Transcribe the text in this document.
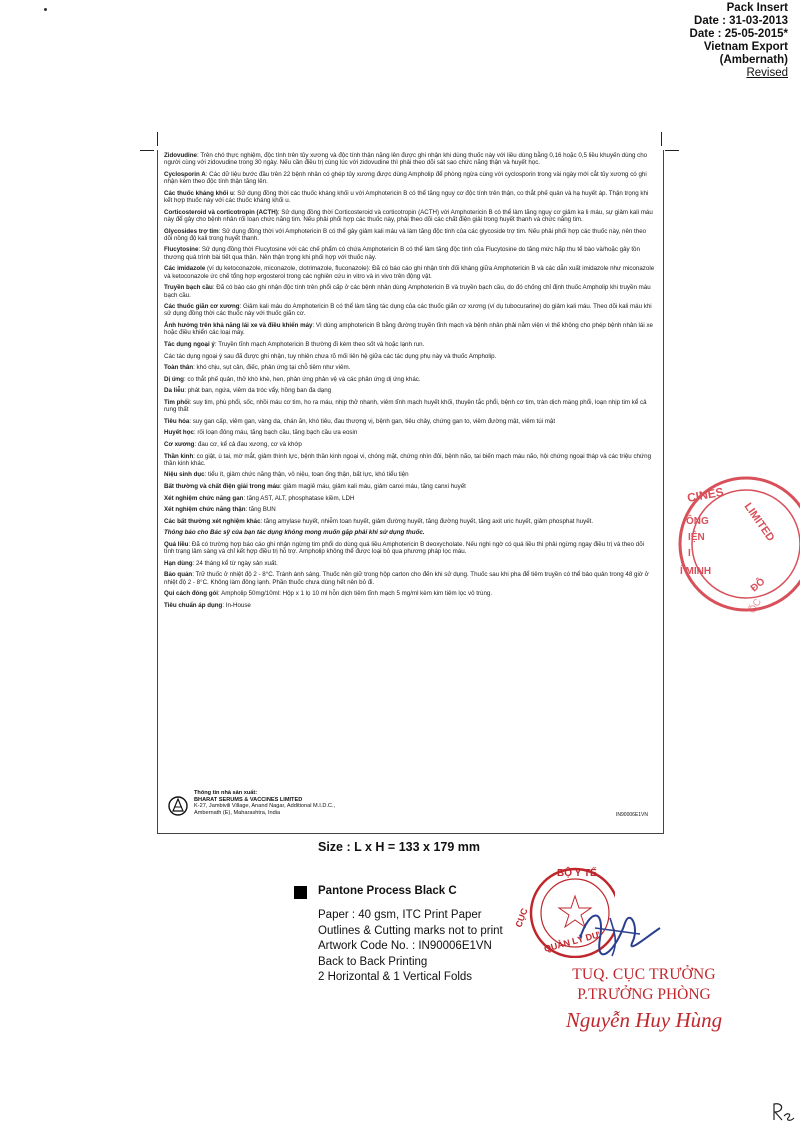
Pack Insert
Date : 31-03-2013
Date : 25-05-2015*
Vietnam Export
(Ambernath)
Revised

Zidovudine: Trên chó thực nghiệm, độc tính trên tủy xương và độc tính thận nặng lên được ghi nhận khi dùng thuốc này với liều dùng bằng 0,16 hoặc 0,5 liều khuyến dùng cho người cùng với zidovudine trong 30 ngày. Nếu cần điều trị cùng lúc với zidovudine thì phải theo dõi sát sao chức năng thận và huyết học.

Cyclosporin A: Các dữ liệu bước đầu trên 22 bệnh nhân có ghép tủy xương được dùng Ampholip để phòng ngừa cùng với cyclosporin trong vài ngày mới cắt tủy xương có ghi nhận kèm theo độc tính thận tăng lên.

Các thuốc kháng khối u: Sử dụng đồng thời các thuốc kháng khối u với Amphotericin B có thể tăng nguy cơ độc tính trên thận, co thắt phế quản và hạ huyết áp. Thận trọng khi kết hợp thuốc này với các thuốc kháng khối u.

Corticosteroid và corticotropin (ACTH): Sử dụng đồng thời Corticosteroid và corticotropin (ACTH) với Amphotericin B có thể làm tăng nguy cơ giảm ka li máu, sự giảm kali máu này để gây cho bệnh nhân rối loạn chức năng tim. Nếu phải phối hợp các thuốc này, phải theo dõi các chất điện giải trong huyết thanh và chức năng tim.

Glycosides trợ tim: Sử dụng đồng thời với Amphotericin B có thể gây giảm kali máu và làm tăng độc tính của các glycoside trợ tim. Nếu phải phối hợp các thuốc này, nên theo dõi nồng độ kali trong huyết thanh.

Flucytosine: Sử dụng đồng thời Flucytosine với các chế phẩm có chứa Amphotericin B có thể làm tăng độc tính của Flucytosine do tăng mức hấp thu tế bào và/hoặc gây tồn thương quá trình bài tiết qua thận. Nên thận trọng khi phối hợp với thuốc này.

Các imidazole (ví dụ ketoconazole, miconazole, clotrimazole, fluconazole): Đã có báo cáo ghi nhận tính đối kháng giữa Amphotericin B và các dẫn xuất imidazole như miconazole và ketoconazole ức chế tổng hợp ergosterol trong các nghiên cứu in vitro và in vivo trên động vật.

Truyền bạch cầu: Đã có báo cáo ghi nhận độc tính trên phổi cấp ở các bệnh nhân dùng Amphotericin B và truyền bạch cầu, do đó chống chỉ định thuốc Ampholip khi truyền máu bạch cầu.

Các thuốc giãn cơ xương: Giảm kali máu do Amphotericin B có thể làm tăng tác dụng của các thuốc giãn cơ xương (ví dụ tubocurarine) do giảm kali máu. Theo dõi kali máu khi sử dụng đồng thời các thuốc này với thuốc giãn cơ.

Ảnh hưởng trên khả năng lái xe và điều khiển máy: Vì dùng amphotericin B bằng đường truyền tĩnh mạch và bệnh nhân phải nằm viện vì thế không cho phép bệnh nhân lái xe hoặc điều khiển các loại máy.

Tác dụng ngoại ý: Truyền tĩnh mạch Amphotericin B thường đi kèm theo sốt và hoặc lạnh run.

Các tác dụng ngoại ý sau đã được ghi nhận, tuy nhiên chưa rõ mối liên hệ giữa các tác dụng phụ này và thuốc Ampholip.

Toàn thân: khó chịu, sụt cân, điếc, phản ứng tại chỗ tiêm như viêm.

Dị ứng: co thắt phế quản, thở khò khè, hen, phản ứng phản vệ và các phản ứng dị ứng khác.

Da liễu: phát ban, ngứa, viêm da tróc vẩy, hồng ban đa dạng

Tim phổi: suy tim, phù phổi, sốc, nhồi máu cơ tim, ho ra máu, nhịp thở nhanh, viêm tĩnh mạch huyết khối, thuyên tắc phổi, bệnh cơ tim, tràn dịch màng phổi, loạn nhịp tim kể cả rung thất

Tiêu hóa: suy gan cấp, viêm gan, vàng da, chán ăn, khó tiêu, đau thượng vị, bệnh gan, tiêu chảy, chứng gan to, viêm đường mật, viêm túi mật

Huyết học: rối loạn đông máu, tăng bạch cầu, tăng bạch cầu ưa eosin

Cơ xương: đau cơ, kể cả đau xương, cơ và khớp

Thần kinh: co giật, ù tai, mờ mắt, giảm thính lực, bệnh thần kinh ngoại vi, chóng mặt, chứng nhìn đôi, bệnh não, tai biến mạch máu não, hội chứng ngoại tháp và các triệu chứng thần kinh khác.

Niệu sinh dục: tiểu ít, giảm chức năng thận, vô niệu, toan ống thận, bất lực, khó tiểu tiện

Bất thường và chất điện giải trong máu: giảm magiê máu, giảm kali máu, giảm canxi máu, tăng canxi huyết

Xét nghiệm chức năng gan: tăng AST, ALT, phosphatase kiềm, LDH

Xét nghiệm chức năng thận: tăng BUN

Các bất thường xét nghiệm khác: tăng amylase huyết, nhiễm toan huyết, giảm đường huyết, tăng đường huyết, tăng axit uric huyết, giảm phosphat huyết.

Thông báo cho Bác sỹ của bạn tác dụng không mong muốn gặp phải khi sử dụng thuốc.

Quá liều: Đã có trường hợp báo cáo ghi nhận ngừng tim phổi do dùng quá liều Amphotericin B deoxycholate. Nếu nghi ngờ có quá liều thì phải ngừng ngay điều trị và theo dõi tình trạng lâm sàng và chỉ kết hợp điều trị hỗ trợ. Ampholip không thể được loại bỏ qua phương pháp lọc máu.

Hạn dùng: 24 tháng kể từ ngày sản xuất.

Bảo quản: Trữ thuốc ở nhiệt độ 2 - 8°C. Tránh ánh sáng. Thuốc nên giữ trong hộp carton cho đến khi sử dụng. Thuốc sau khi pha để tiêm truyền có thể bảo quản trong 48 giờ ở nhiệt độ 2 - 8°C. Không làm đông lạnh. Phần thuốc chưa dùng hết nên bỏ đi.

Qui cách đóng gói: Ampholip 50mg/10ml: Hộp x 1 lọ 10 ml hỗn dịch tiêm tĩnh mạch 5 mg/ml kèm kim tiêm lọc vô trùng.

Tiêu chuẩn áp dụng: In-House

Thông tin nhà sản xuất:
BHARAT SERUMS & VACCINES LIMITED
K-27, Jambivili Village, Anand Nagar, Additional M.I.D.C.,
Ambernath (E), Maharashtra, India	IN90006E1VN
Size : L x H = 133 x 179 mm
Pantone Process Black C
Paper : 40 gsm, ITC Print Paper
Outlines & Cutting marks not to print
Artwork Code No. : IN90006E1VN
Back to Back Printing
2 Horizontal & 1 Vertical Folds
CINES
LIMITED
ÔNG
IỆN
I
Í MINH
ĐÔ
ỐC
BỘ Y TẾ
CỤC
QUẢN LÝ DƯ
TUQ. CỤC TRƯỞNG
P.TRƯỞNG PHÒNG
Nguyễn Huy Hùng
